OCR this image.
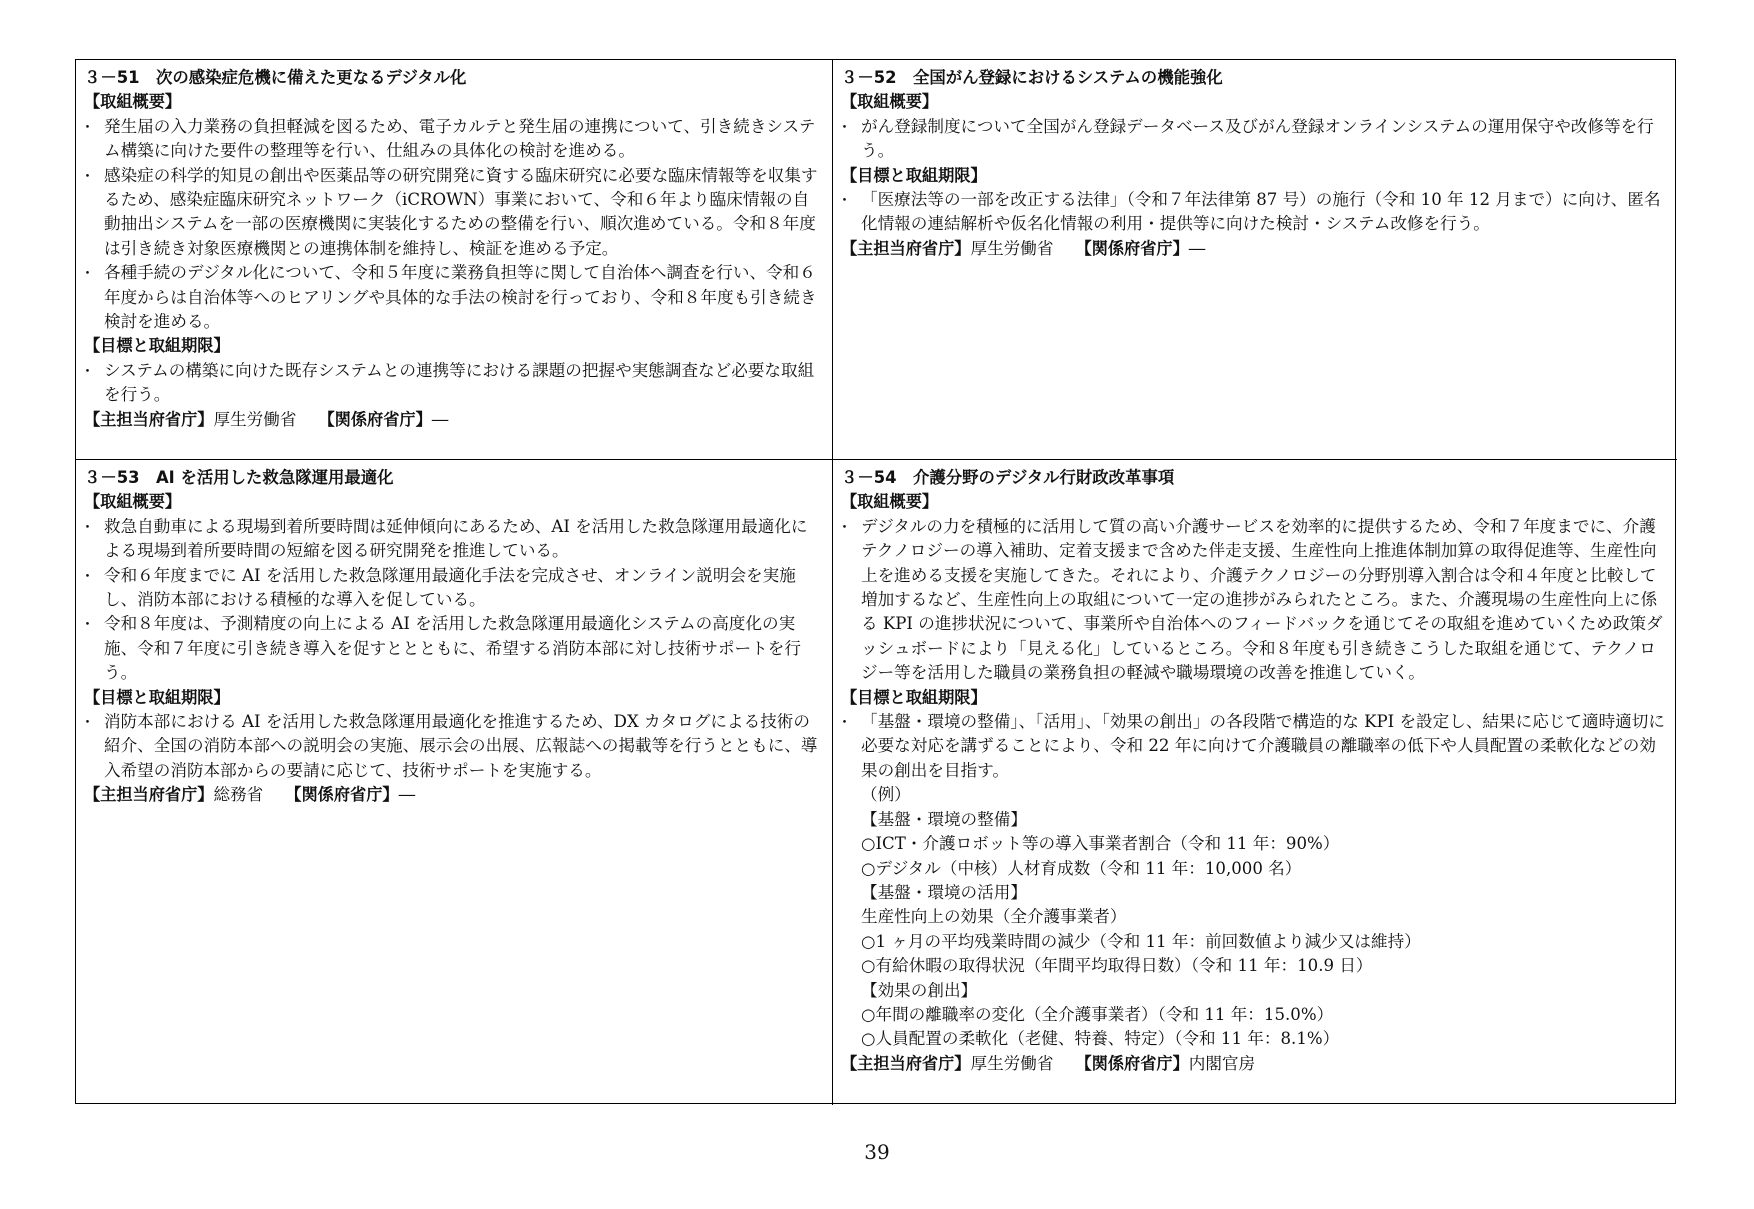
３－51　次の感染症危機に備えた更なるデジタル化
【取組概要】
・ 発生届の入力業務の負担軽減を図るため、電子カルテと発生届の連携について、引き続きシステム構築に向けた要件の整理等を行い、仕組みの具体化の検討を進める。
・ 感染症の科学的知見の創出や医薬品等の研究開発に資する臨床研究に必要な臨床情報等を収集するため、感染症臨床研究ネットワーク（iCROWN）事業において、令和６年より臨床情報の自動抽出システムを一部の医療機関に実装化するための整備を行い、順次進めている。令和８年度は引き続き対象医療機関との連携体制を維持し、検証を進める予定。
・ 各種手続のデジタル化について、令和５年度に業務負担等に関して自治体へ調査を行い、令和６年度からは自治体等へのヒアリングや具体的な手法の検討を行っており、令和８年度も引き続き検討を進める。
【目標と取組期限】
・ システムの構築に向けた既存システムとの連携等における課題の把握や実態調査など必要な取組を行う。
【主担当府省庁】厚生労働省 【関係府省庁】―
３－52　全国がん登録におけるシステムの機能強化
【取組概要】
・ がん登録制度について全国がん登録データベース及びがん登録オンラインシステムの運用保守や改修等を行う。
【目標と取組期限】
・ 「医療法等の一部を改正する法律」（令和７年法律第 87 号）の施行（令和 10 年 12 月まで）に向け、匿名化情報の連結解析や仮名化情報の利用・提供等に向けた検討・システム改修を行う。
【主担当府省庁】厚生労働省 【関係府省庁】―
３－53　AI を活用した救急隊運用最適化
【取組概要】
・ 救急自動車による現場到着所要時間は延伸傾向にあるため、AI を活用した救急隊運用最適化による現場到着所要時間の短縮を図る研究開発を推進している。
・ 令和６年度までに AI を活用した救急隊運用最適化手法を完成させ、オンライン説明会を実施し、消防本部における積極的な導入を促している。
・ 令和８年度は、予測精度の向上による AI を活用した救急隊運用最適化システムの高度化の実施、令和７年度に引き続き導入を促すととともに、希望する消防本部に対し技術サポートを行う。
【目標と取組期限】
・ 消防本部における AI を活用した救急隊運用最適化を推進するため、DX カタログによる技術の紹介、全国の消防本部への説明会の実施、展示会の出展、広報誌への掲載等を行うとともに、導入希望の消防本部からの要請に応じて、技術サポートを実施する。
【主担当府省庁】総務省 【関係府省庁】―
３－54　介護分野のデジタル行財政改革事項
【取組概要】
・ デジタルの力を積極的に活用して質の高い介護サービスを効率的に提供するため、令和７年度までに、介護テクノロジーの導入補助、定着支援まで含めた伴走支援、生産性向上推進体制加算の取得促進等、生産性向上を進める支援を実施してきた。それにより、介護テクノロジーの分野別導入割合は令和４年度と比較して増加するなど、生産性向上の取組について一定の進捗がみられたところ。また、介護現場の生産性向上に係る KPI の進捗状況について、事業所や自治体へのフィードバックを通じてその取組を進めていくため政策ダッシュボードにより「見える化」しているところ。令和８年度も引き続きこうした取組を通じて、テクノロジー等を活用した職員の業務負担の軽減や職場環境の改善を推進していく。
【目標と取組期限】
・ 「基盤・環境の整備」、「活用」、「効果の創出」の各段階で構造的な KPI を設定し、結果に応じて適時適切に必要な対応を講ずることにより、令和 22 年に向けて介護職員の離職率の低下や人員配置の柔軟化などの効果の創出を目指す。
（例）
【基盤・環境の整備】
○ICT・介護ロボット等の導入事業者割合（令和 11 年：90%）
○デジタル（中核）人材育成数（令和 11 年：10,000 名）
【基盤・環境の活用】
生産性向上の効果（全介護事業者）
○1 ヶ月の平均残業時間の減少（令和 11 年：前回数値より減少又は維持）
○有給休暇の取得状況（年間平均取得日数）（令和 11 年：10.9 日）
【効果の創出】
○年間の離職率の変化（全介護事業者）（令和 11 年：15.0%）
○人員配置の柔軟化（老健、特養、特定）（令和 11 年：8.1%）
【主担当府省庁】厚生労働省 【関係府省庁】内閣官房
39
